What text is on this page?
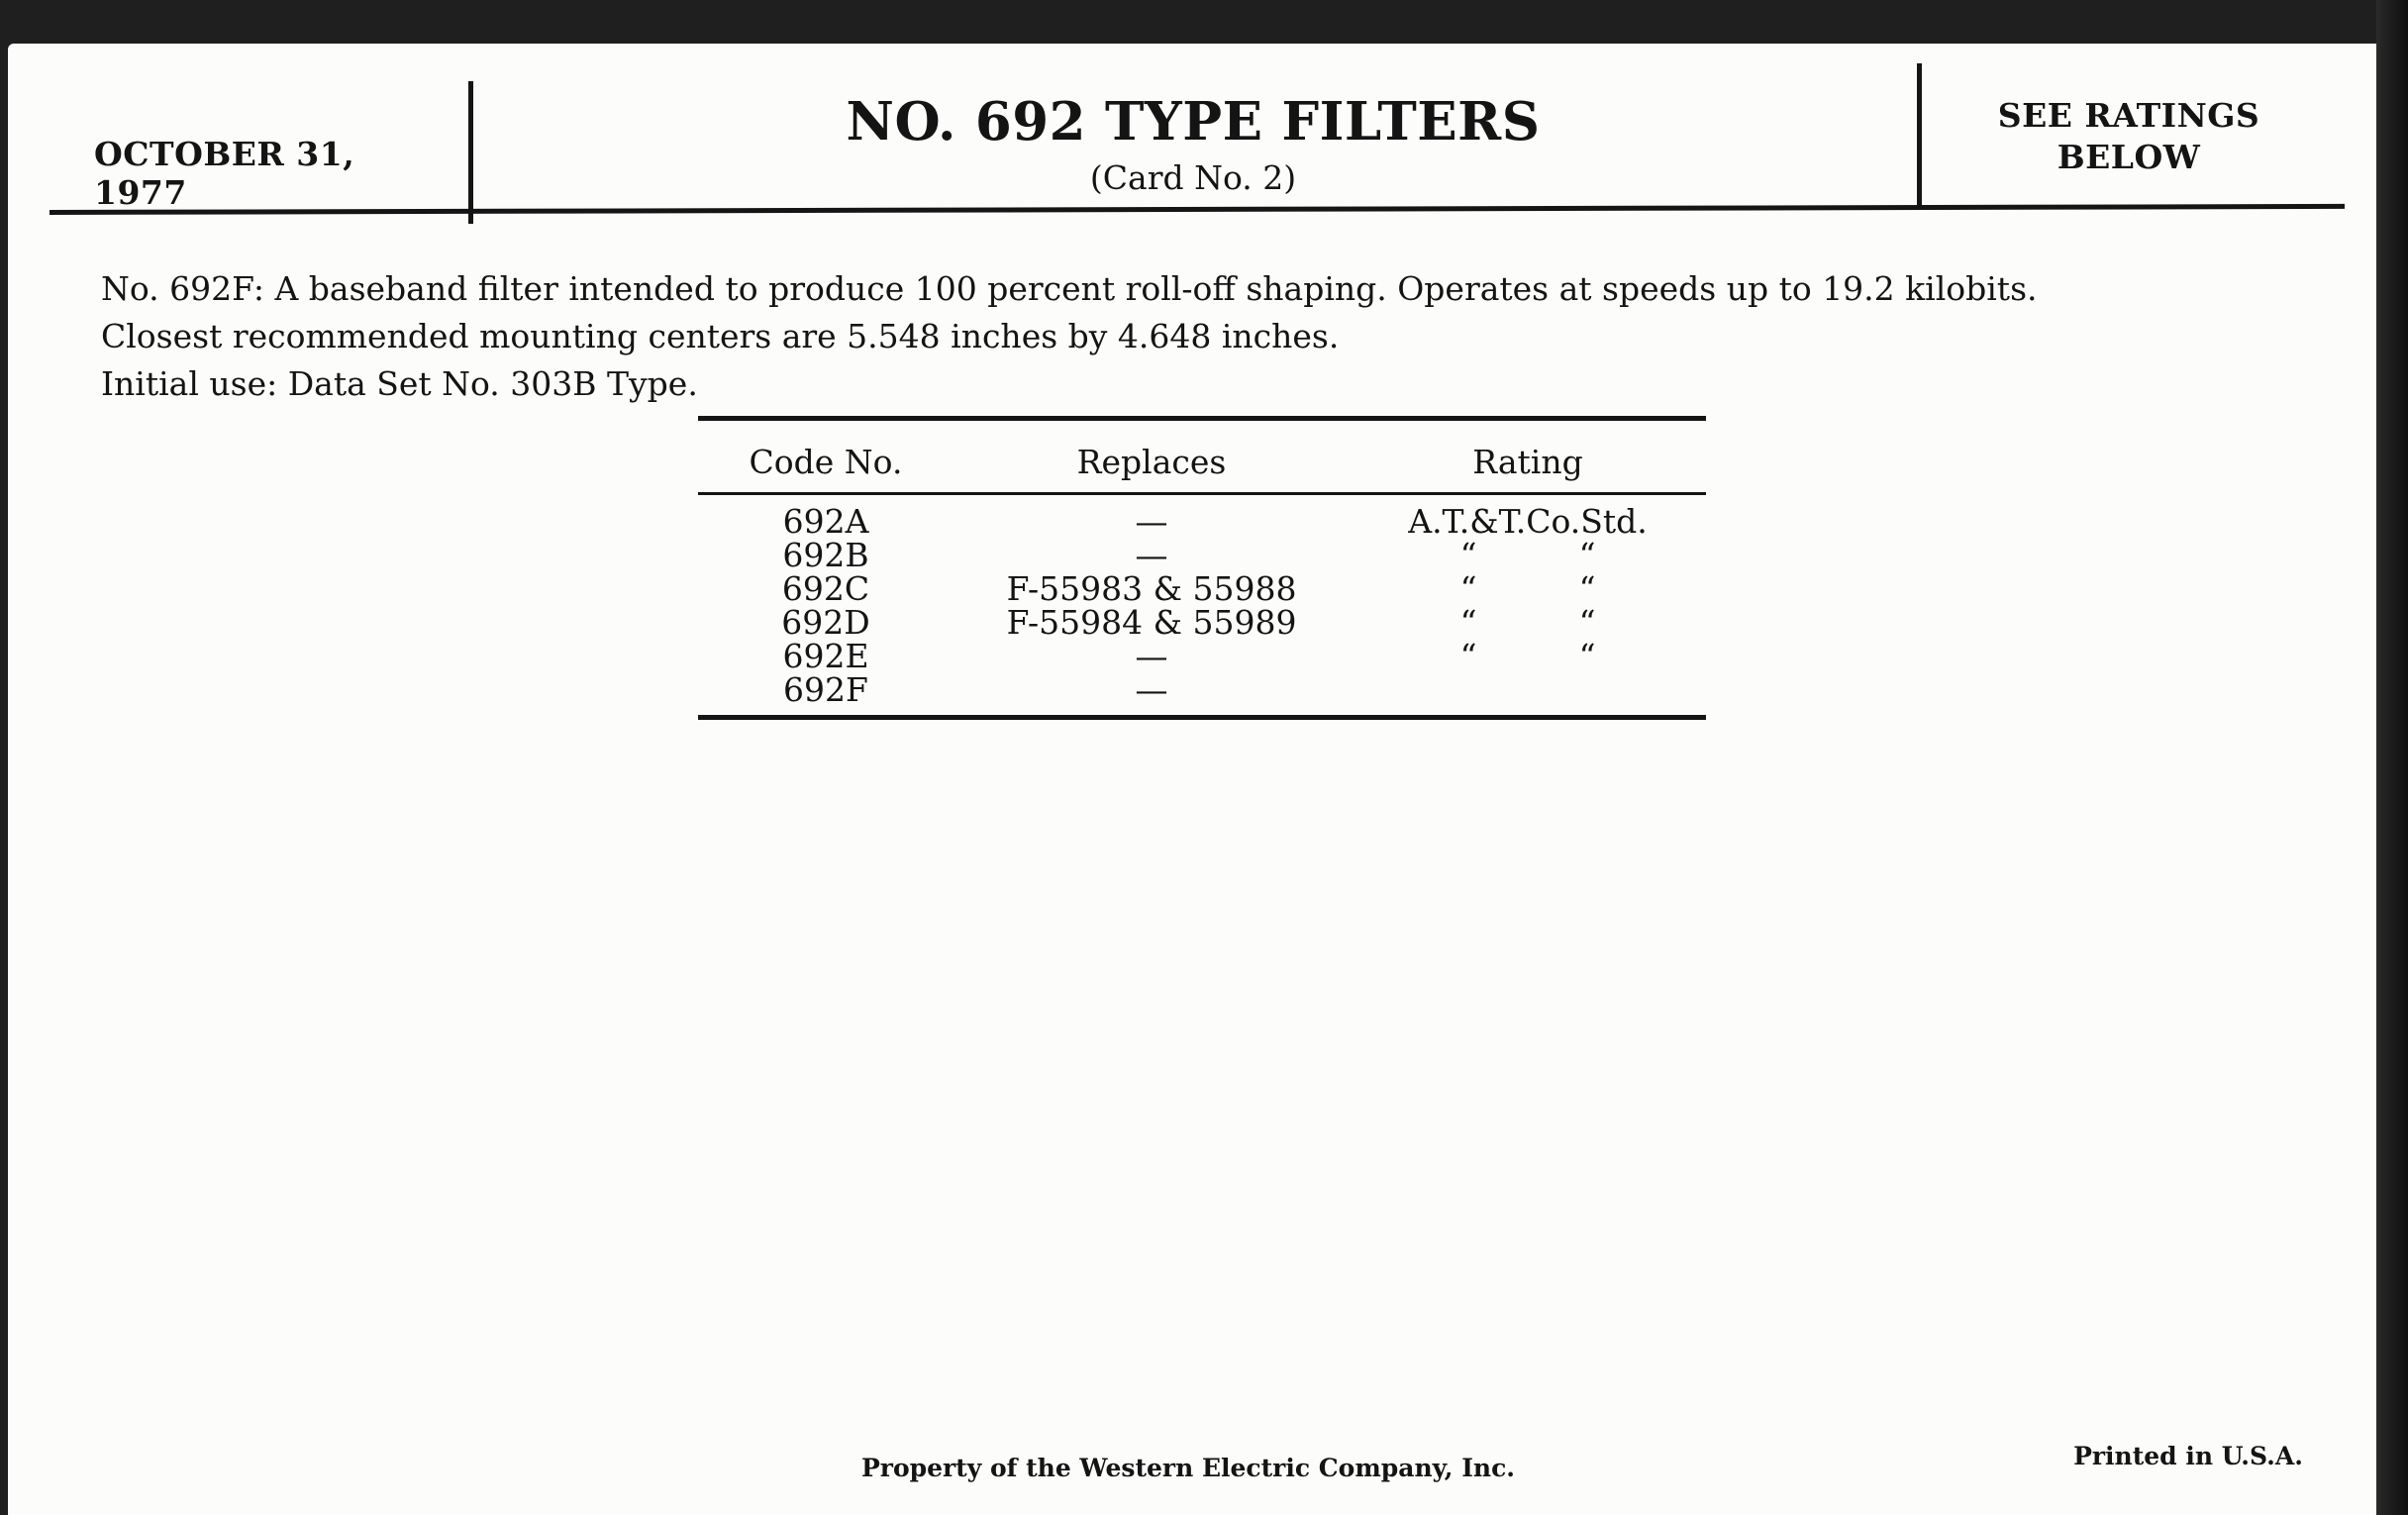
OCTOBER 31, 1977
NO. 692 TYPE FILTERS
(Card No. 2)
SEE RATINGS
BELOW
No. 692F: A baseband filter intended to produce 100 percent roll-off shaping. Operates at speeds up to 19.2 kilobits.
Closest recommended mounting centers are 5.548 inches by 4.648 inches.
Initial use: Data Set No. 303B Type.
Code No.	Replaces	Rating
692A	—	A.T.&T.Co.Std.
692B	—	“ “
692C	F-55983 & 55988	“ “
692D	F-55984 & 55989	“ “
692E	—	“ “
692F	—	
Property of the Western Electric Company, Inc.	Printed in U.S.A.
